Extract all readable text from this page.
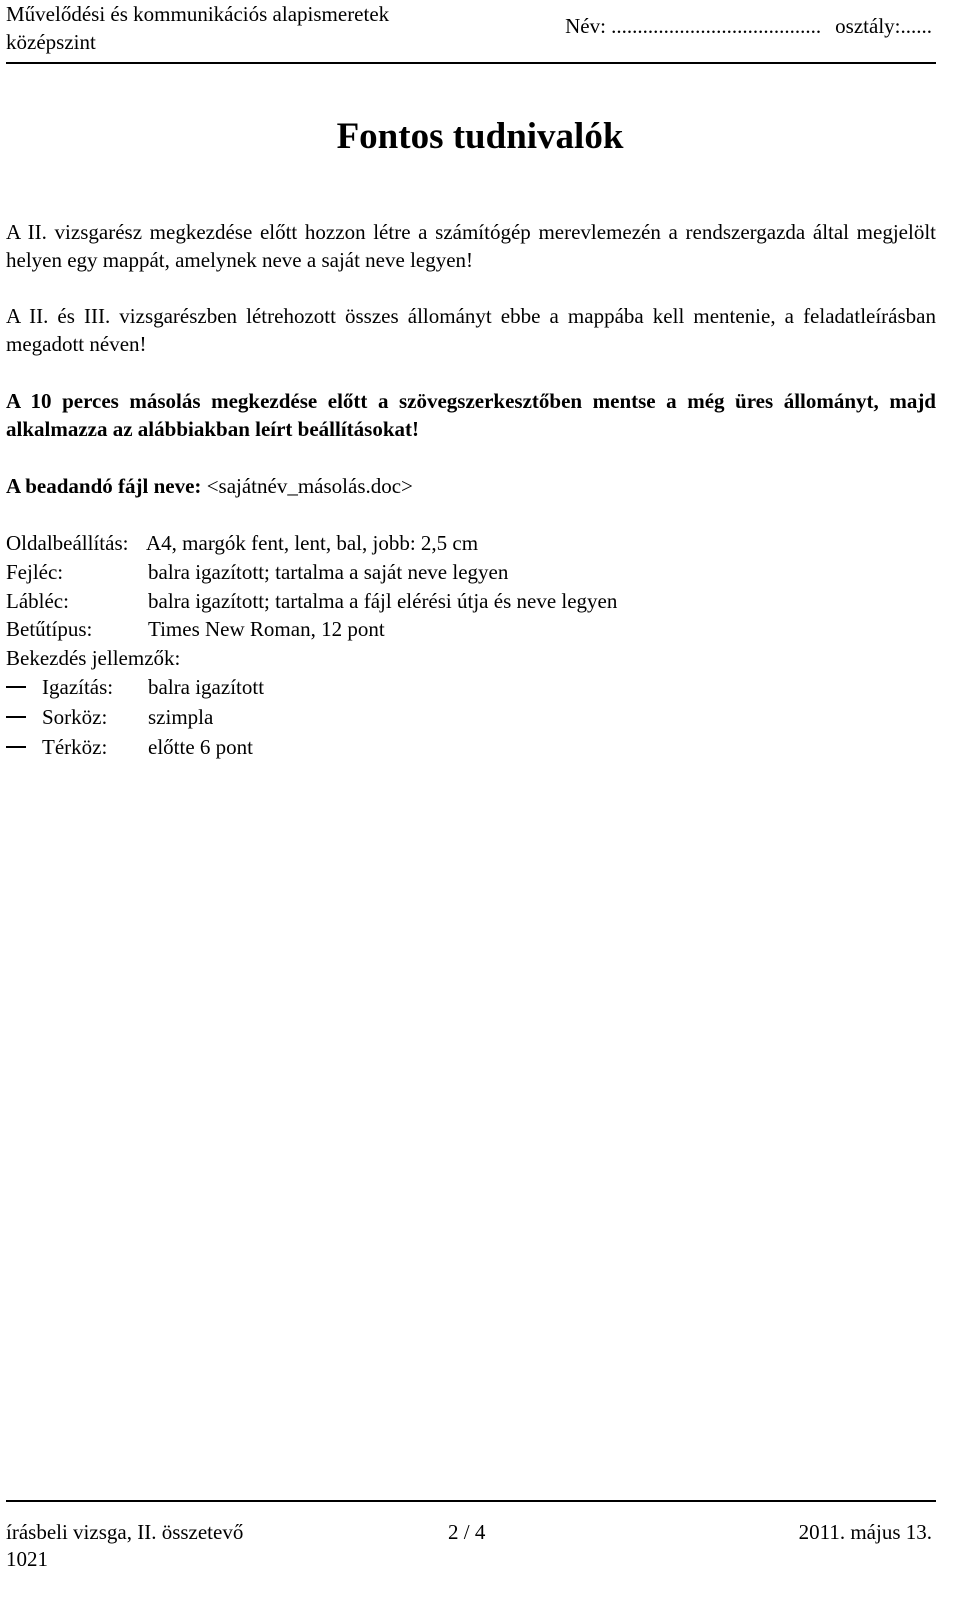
Művelődési és kommunikációs alapismeretek
középszint
Név: ........................................ osztály:......
Fontos tudnivalók
A II. vizsgarész megkezdése előtt hozzon létre a számítógép merevlemezén a rendszergazda által megjelölt helyen egy mappát, amelynek neve a saját neve legyen!
A II. és III. vizsgarészben létrehozott összes állományt ebbe a mappába kell mentenie, a feladatleírásban megadott néven!
A 10 perces másolás megkezdése előtt a szövegszerkesztőben mentse a még üres állományt, majd alkalmazza az alábbiakban leírt beállításokat!
A beadandó fájl neve: <sajátnév_másolás.doc>
Oldalbeállítás: A4, margók fent, lent, bal, jobb: 2,5 cm
Fejléc:	balra igazított; tartalma a saját neve legyen
Lábléc:	balra igazított; tartalma a fájl elérési útja és neve legyen
Betűtípus:	Times New Roman, 12 pont
Bekezdés jellemzők:
Igazítás: balra igazított
Sorköz: szimpla
Térköz: előtte 6 pont
írásbeli vizsga, II. összetevő	2 / 4	2011. május 13.
1021
